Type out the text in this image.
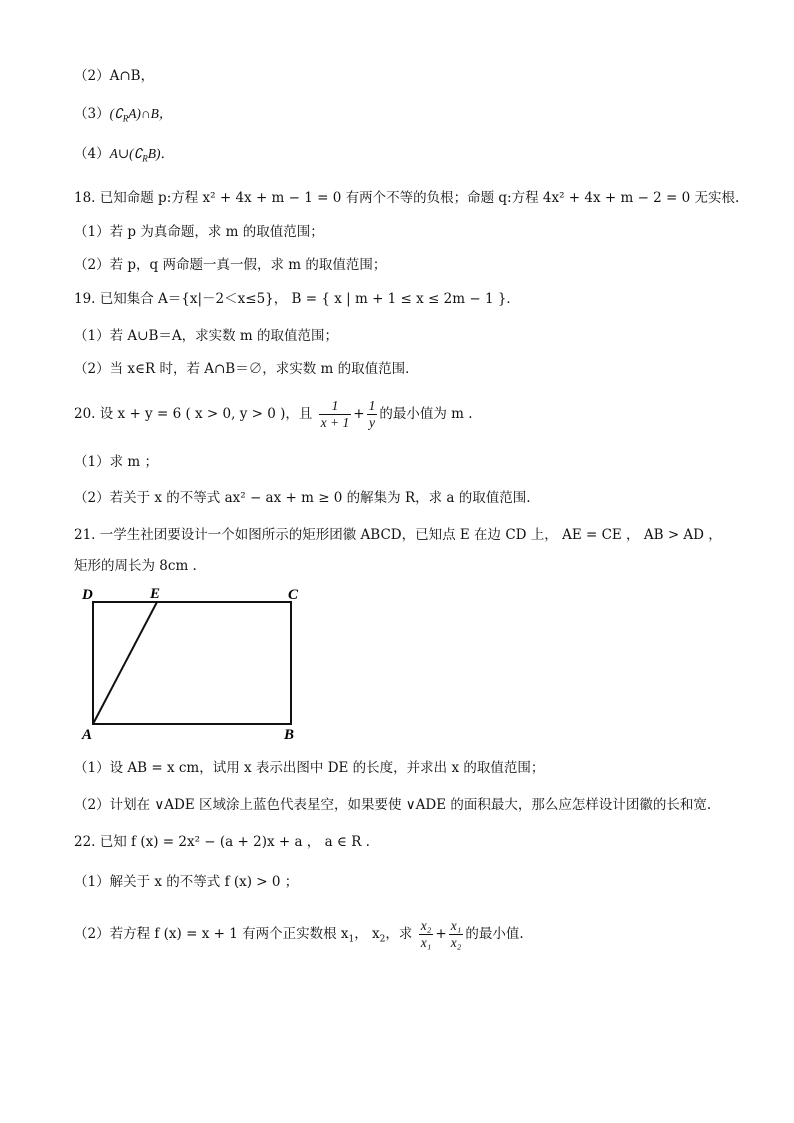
（2）A∩B，
$(3)(∁_RA)\cap B$，
$(4)A\cup(∁_RB)$．
18. 已知命题 p:方程 x² + 4x + m − 1 = 0 有两个不等的负根；命题 q:方程 4x² + 4x + m − 2 = 0 无实根.
（1）若 p 为真命题，求 m 的取值范围；
（2）若 p，q 两命题一真一假，求 m 的取值范围；
19. 已知集合 A＝{x|－2＜x≤5}， B = { x | m + 1 ≤ x ≤ 2m − 1 }．
（1）若 A∪B＝A，求实数 m 的取值范围；
（2）当 x∈R 时，若 A∩B＝∅，求实数 m 的取值范围．
20. 设 x + y = 6 ( x > 0, y > 0 )，且 $\frac{1}{x + 1} + \frac{1}{y}$ 的最小值为 m .
（1）求 m ；
（2）若关于 x 的不等式 ax² − ax + m ≥ 0 的解集为 R，求 a 的取值范围.
21. 一学生社团要设计一个如图所示的矩形团徽 ABCD，已知点 E 在边 CD 上， AE = CE ， AB > AD ，
矩形的周长为 8cm .
D	E	C
A	B
（1）设 AB = x cm，试用 x 表示出图中 DE 的长度，并求出 x 的取值范围；
（2）计划在 ∨ADE 区域涂上蓝色代表星空，如果要使 ∨ADE 的面积最大，那么应怎样设计团徽的长和宽.
22. 已知 f (x) = 2x² − (a + 2)x + a ， a ∈ R .
（1）解关于 x 的不等式 f (x) > 0 ；
（2）若方程 f (x) = x + 1 有两个正实数根 $x_1$， $x_2$，求 $\frac{\text{x₂}}{\text{x₁}} + \frac{\text{x₁}}{\text{x₂}}$ 的最小值.
